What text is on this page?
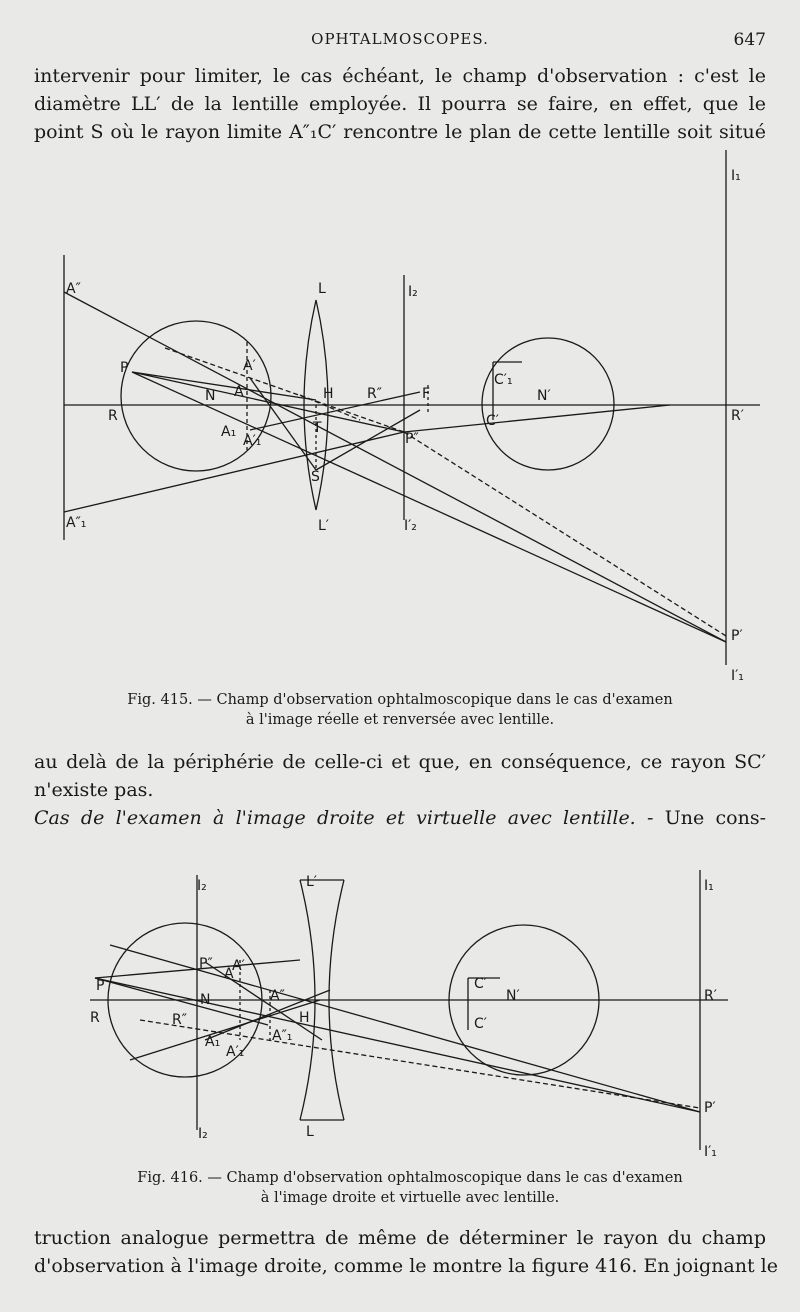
OPHTALMOSCOPES.	647
intervenir pour limiter, le cas échéant, le champ d'observation : c'est le
diamètre LL′ de la lentille employée. Il pourra se faire, en effet, que le
point S où le rayon limite A″₁C′ rencontre le plan de cette lentille soit situé
A″
P
R
N A
A′
A₁
A′₁
A″₁
L	I₂
H
T
S
L′	I′₂
R″	F
P″
C′₁
C′
N′
I₁
R′
P′
I′₁
Fig. 415. — Champ d'observation ophtalmoscopique dans le cas d'examen
à l'image réelle et renversée avec lentille.
au delà de la périphérie de celle-ci et que, en conséquence, ce rayon SC′
n'existe pas.
Cas de l'examen à l'image droite et virtuelle avec lentille. - Une cons-
I₂	L′	I₁
P
R
N
P″
A
A′
R″
A″
A₁
A′₁
A″₁
H
C′
N′
C′
R′
P′
I′₁
I₂	L
Fig. 416. — Champ d'observation ophtalmoscopique dans le cas d'examen
à l'image droite et virtuelle avec lentille.
truction analogue permettra de même de déterminer le rayon du champ
d'observation à l'image droite, comme le montre la figure 416. En joignant le
